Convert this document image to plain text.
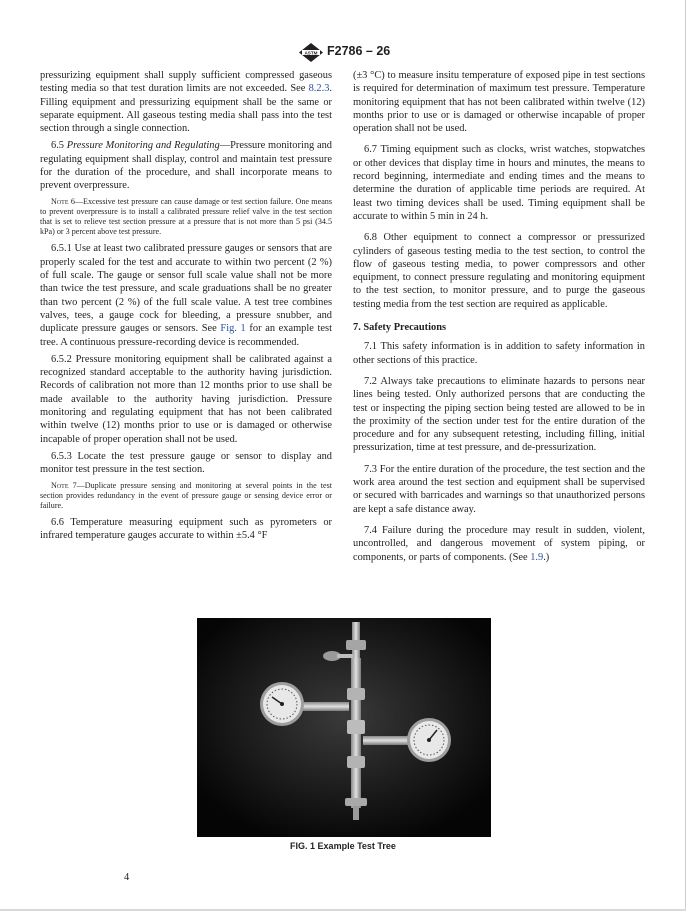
ASTM F2786 – 26

pressurizing equipment shall supply sufficient compressed gaseous testing media so that test duration limits are not exceeded. See 8.2.3. Filling equipment and pressurizing equipment shall be the same or separate equipment. All gaseous testing media shall pass into the test section through a single connection.

6.5 Pressure Monitoring and Regulating—Pressure monitoring and regulating equipment shall display, control and maintain test pressure for the duration of the procedure, and shall incorporate means to prevent overpressure.

Note 6—Excessive test pressure can cause damage or test section failure. One means to prevent overpressure is to install a calibrated pressure relief valve in the test section that is set to relieve test section pressure at a pressure that is not more than 5 psi (34.5 kPa) or 3 percent above test pressure.

6.5.1 Use at least two calibrated pressure gauges or sensors that are properly scaled for the test and accurate to within two percent (2 %) of full scale. The gauge or sensor full scale value shall not be more than twice the test pressure, and scale graduations shall be no greater than two percent (2 %) of the full scale value. A test tree combines valves, tees, a gauge cock for bleeding, a pressure snubber, and duplicate pressure gauges or sensors. See Fig. 1 for an example test tree. A continuous pressure-recording device is recommended.

6.5.2 Pressure monitoring equipment shall be calibrated against a recognized standard acceptable to the authority having jurisdiction. Records of calibration not more than 12 months prior to use shall be made available to the authority having jurisdiction. Pressure monitoring and regulating equipment that has not been calibrated within twelve (12) months prior to use or is damaged or otherwise incapable of proper operation shall not be used.

6.5.3 Locate the test pressure gauge or sensor to display and monitor test pressure in the test section.

Note 7—Duplicate pressure sensing and monitoring at several points in the test section provides redundancy in the event of pressure gauge or sensing device error or failure.

6.6 Temperature measuring equipment such as pyrometers or infrared temperature gauges accurate to within ±5.4 °F

(±3 °C) to measure insitu temperature of exposed pipe in test sections is required for determination of maximum test pressure. Temperature monitoring equipment that has not been calibrated within twelve (12) months prior to use or is damaged or otherwise incapable of proper operation shall not be used.

6.7 Timing equipment such as clocks, wrist watches, stopwatches or other devices that display time in hours and minutes, the means to record beginning, intermediate and ending times and the means to determine the duration of applicable time periods are required. At least two timing devices shall be used. Timing equipment shall be accurate to within 5 min in 24 h.

6.8 Other equipment to connect a compressor or pressurized cylinders of gaseous testing media to the test section, to control the flow of gaseous testing media, to power compressors and other equipment, to connect pressure regulating and monitoring equipment to the test section, to monitor pressure, and to purge the gaseous testing media from the test section are required as applicable.

7. Safety Precautions

7.1 This safety information is in addition to safety information in other sections of this practice.

7.2 Always take precautions to eliminate hazards to persons near lines being tested. Only authorized persons that are conducting the test or inspecting the piping section being tested are allowed to be in the proximity of the section under test for the entire duration of the procedure and for any subsequent retesting, including filling, initial pressurization, time at test pressure, and de-pressurization.

7.3 For the entire duration of the procedure, the test section and the work area around the test section and equipment shall be supervised or secured with barricades and warnings so that unauthorized persons are kept a safe distance away.

7.4 Failure during the procedure may result in sudden, violent, uncontrolled, and dangerous movement of system piping, or components, or parts of components. (See 1.9.)

FIG. 1 Example Test Tree
4
